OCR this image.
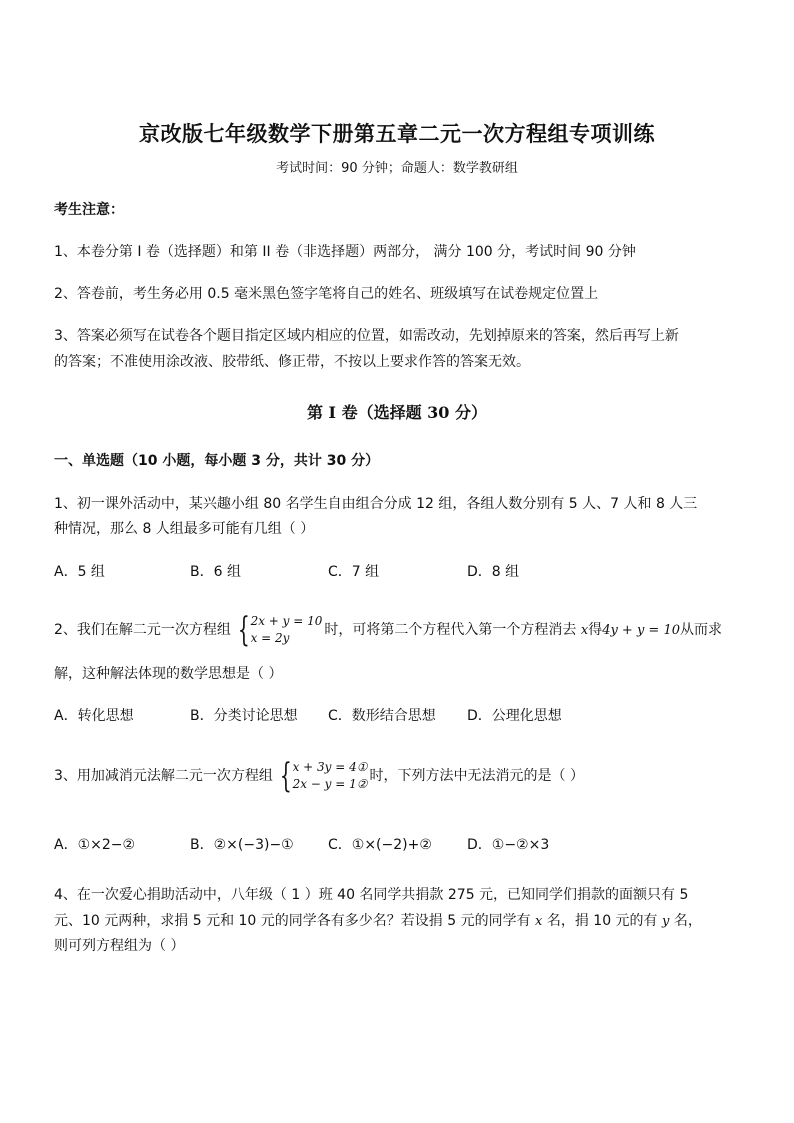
京改版七年级数学下册第五章二元一次方程组专项训练
考试时间：90 分钟；命题人：数学教研组
考生注意：
1、本卷分第 I 卷（选择题）和第 II 卷（非选择题）两部分， 满分 100 分，考试时间 90 分钟
2、答卷前，考生务必用 0.5 毫米黑色签字笔将自己的姓名、班级填写在试卷规定位置上
3、答案必须写在试卷各个题目指定区域内相应的位置，如需改动，先划掉原来的答案，然后再写上新
的答案；不准使用涂改液、胶带纸、修正带，不按以上要求作答的答案无效。
第 I 卷（选择题 30 分）
一、单选题（10 小题，每小题 3 分，共计 30 分）
1、初一课外活动中，某兴趣小组 80 名学生自由组合分成 12 组，各组人数分别有 5 人、7 人和 8 人三
种情况，那么 8 人组最多可能有几组（ ）
A．5 组	B．6 组	C．7 组	D．8 组
2、我们在解二元一次方程组 { 2x + y = 10
x = 2y	时，可将第二个方程代入第一个方程消去 x得4y + y = 10从而求
解，这种解法体现的数学思想是（ ）
A．转化思想	B．分类讨论思想 C．数形结合思想 D．公理化思想
3、用加减消元法解二元一次方程组 { x + 3y = 4①
2x − y = 1② 时，下列方法中无法消元的是（ ）
A．①×2−②	B．②×(−3)−① C．①×(−2)+②	D．①−②×3
4、在一次爱心捐助活动中，八年级（ 1 ）班 40 名同学共捐款 275 元，已知同学们捐款的面额只有 5
元、10 元两种，求捐 5 元和 10 元的同学各有多少名？若设捐 5 元的同学有 x 名，捐 10 元的有 y 名，
则可列方程组为（ ）
